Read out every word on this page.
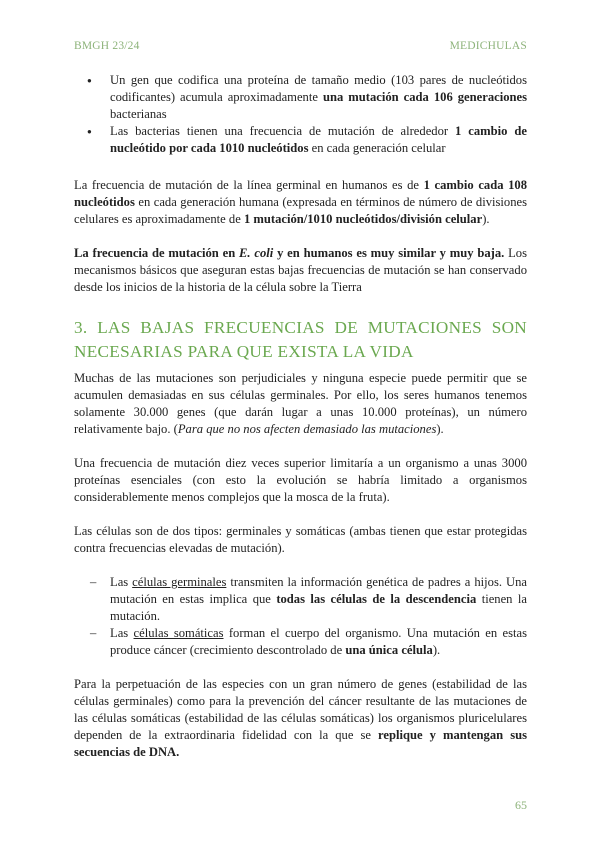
BMGH 23/24	MEDICHULAS
● Un gen que codifica una proteína de tamaño medio (103 pares de nucleótidos codificantes) acumula aproximadamente una mutación cada 106 generaciones bacterianas
● Las bacterias tienen una frecuencia de mutación de alrededor 1 cambio de nucleótido por cada 1010 nucleótidos en cada generación celular

La frecuencia de mutación de la línea germinal en humanos es de 1 cambio cada 108 nucleótidos en cada generación humana (expresada en términos de número de divisiones celulares es aproximadamente de 1 mutación/1010 nucleótidos/división celular).

La frecuencia de mutación en E. coli y en humanos es muy similar y muy baja. Los mecanismos básicos que aseguran estas bajas frecuencias de mutación se han conservado desde los inicios de la historia de la célula sobre la Tierra

3. LAS BAJAS FRECUENCIAS DE MUTACIONES SON NECESARIAS PARA QUE EXISTA LA VIDA

Muchas de las mutaciones son perjudiciales y ninguna especie puede permitir que se acumulen demasiadas en sus células germinales. Por ello, los seres humanos tenemos solamente 30.000 genes (que darán lugar a unas 10.000 proteínas), un número relativamente bajo. (Para que no nos afecten demasiado las mutaciones).

Una frecuencia de mutación diez veces superior limitaría a un organismo a unas 3000 proteínas esenciales (con esto la evolución se habría limitado a organismos considerablemente menos complejos que la mosca de la fruta).

Las células son de dos tipos: germinales y somáticas (ambas tienen que estar protegidas contra frecuencias elevadas de mutación).

– Las células germinales transmiten la información genética de padres a hijos. Una mutación en estas implica que todas las células de la descendencia tienen la mutación.
– Las células somáticas forman el cuerpo del organismo. Una mutación en estas produce cáncer (crecimiento descontrolado de una única célula).

Para la perpetuación de las especies con un gran número de genes (estabilidad de las células germinales) como para la prevención del cáncer resultante de las mutaciones de las células somáticas (estabilidad de las células somáticas) los organismos pluricelulares dependen de la extraordinaria fidelidad con la que se replique y mantengan sus secuencias de DNA.

65
